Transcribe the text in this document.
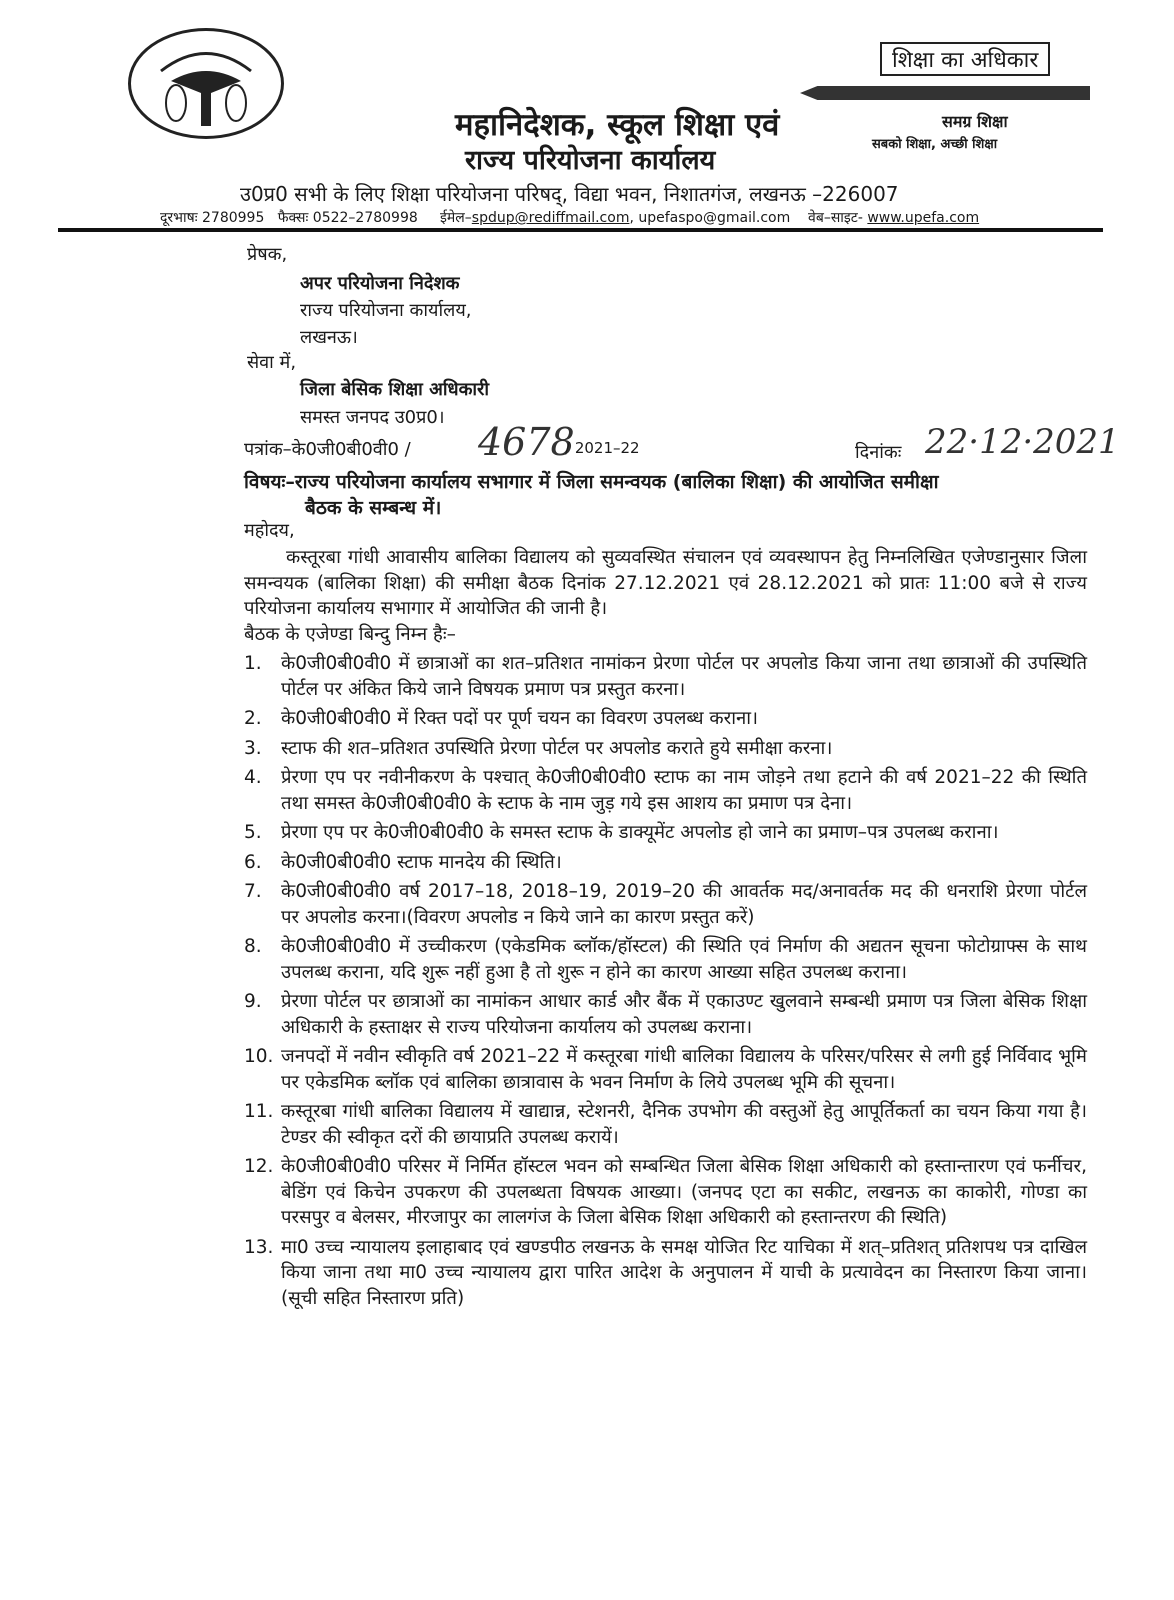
शिक्षा का अधिकार
समग्र शिक्षा
सबको शिक्षा, अच्छी शिक्षा
महानिदेशक, स्कूल शिक्षा एवं
राज्य परियोजना कार्यालय
उ0प्र0 सभी के लिए शिक्षा परियोजना परिषद्, विद्या भवन, निशातगंज, लखनऊ –226007
दूरभाषः 2780995 फैक्सः 0522–2780998 ईमेल–spdup@rediffmail.com, upefaspo@gmail.com वेब–साइट- www.upefa.com
प्रेषक,
अपर परियोजना निदेशक
राज्य परियोजना कार्यालय,
लखनऊ।
सेवा में,
जिला बेसिक शिक्षा अधिकारी
समस्त जनपद उ0प्र0।
पत्रांक–के0जी0बी0वी0 / 4678
/ 2021–22	दिनांकः 22·12·2021
विषयः–राज्य परियोजना कार्यालय सभागार में जिला समन्वयक (बालिका शिक्षा) की आयोजित समीक्षा
बैठक के सम्बन्ध में।
महोदय,

कस्तूरबा गांधी आवासीय बालिका विद्यालय को सुव्यवस्थित संचालन एवं व्यवस्थापन हेतु निम्नलिखित एजेण्डानुसार जिला समन्वयक (बालिका शिक्षा) की समीक्षा बैठक दिनांक 27.12.2021 एवं 28.12.2021 को प्रातः 11:00 बजे से राज्य परियोजना कार्यालय सभागार में आयोजित की जानी है।

बैठक के एजेण्डा बिन्दु निम्न हैः–
1.	के0जी0बी0वी0 में छात्राओं का शत–प्रतिशत नामांकन प्रेरणा पोर्टल पर अपलोड किया जाना तथा छात्राओं की उपस्थिति पोर्टल पर अंकित किये जाने विषयक प्रमाण पत्र प्रस्तुत करना।
2.	के0जी0बी0वी0 में रिक्त पदों पर पूर्ण चयन का विवरण उपलब्ध कराना।
3.	स्टाफ की शत–प्रतिशत उपस्थिति प्रेरणा पोर्टल पर अपलोड कराते हुये समीक्षा करना।
4.	प्रेरणा एप पर नवीनीकरण के पश्चात् के0जी0बी0वी0 स्टाफ का नाम जोड़ने तथा हटाने की वर्ष 2021–22 की स्थिति तथा समस्त के0जी0बी0वी0 के स्टाफ के नाम जुड़ गये इस आशय का प्रमाण पत्र देना।
5.	प्रेरणा एप पर के0जी0बी0वी0 के समस्त स्टाफ के डाक्यूमेंट अपलोड हो जाने का प्रमाण–पत्र उपलब्ध कराना।
6.	के0जी0बी0वी0 स्टाफ मानदेय की स्थिति।
7.	के0जी0बी0वी0 वर्ष 2017–18, 2018–19, 2019–20 की आवर्तक मद/अनावर्तक मद की धनराशि प्रेरणा पोर्टल पर अपलोड करना।(विवरण अपलोड न किये जाने का कारण प्रस्तुत करें)
8.	के0जी0बी0वी0 में उच्चीकरण (एकेडमिक ब्लॉक/हॉस्टल) की स्थिति एवं निर्माण की अद्यतन सूचना फोटोग्राफ्स के साथ उपलब्ध कराना, यदि शुरू नहीं हुआ है तो शुरू न होने का कारण आख्या सहित उपलब्ध कराना।
9.	प्रेरणा पोर्टल पर छात्राओं का नामांकन आधार कार्ड और बैंक में एकाउण्ट खुलवाने सम्बन्धी प्रमाण पत्र जिला बेसिक शिक्षा अधिकारी के हस्ताक्षर से राज्य परियोजना कार्यालय को उपलब्ध कराना।
10. जनपदों में नवीन स्वीकृति वर्ष 2021–22 में कस्तूरबा गांधी बालिका विद्यालय के परिसर/परिसर से लगी हुई निर्विवाद भूमि पर एकेडमिक ब्लॉक एवं बालिका छात्रावास के भवन निर्माण के लिये उपलब्ध भूमि की सूचना।
11. कस्तूरबा गांधी बालिका विद्यालय में खाद्यान्न, स्टेशनरी, दैनिक उपभोग की वस्तुओं हेतु आपूर्तिकर्ता का चयन किया गया है। टेण्डर की स्वीकृत दरों की छायाप्रति उपलब्ध करायें।
12. के0जी0बी0वी0 परिसर में निर्मित हॉस्टल भवन को सम्बन्धित जिला बेसिक शिक्षा अधिकारी को हस्तान्तारण एवं फर्नीचर, बेडिंग एवं किचेन उपकरण की उपलब्धता विषयक आख्या। (जनपद एटा का सकीट, लखनऊ का काकोरी, गोण्डा का परसपुर व बेलसर, मीरजापुर का लालगंज के जिला बेसिक शिक्षा अधिकारी को हस्तान्तरण की स्थिति)
13. मा0 उच्च न्यायालय इलाहाबाद एवं खण्डपीठ लखनऊ के समक्ष योजित रिट याचिका में शत्–प्रतिशत् प्रतिशपथ पत्र दाखिल किया जाना तथा मा0 उच्च न्यायालय द्वारा पारित आदेश के अनुपालन में याची के प्रत्यावेदन का निस्तारण किया जाना।(सूची सहित निस्तारण प्रति)
